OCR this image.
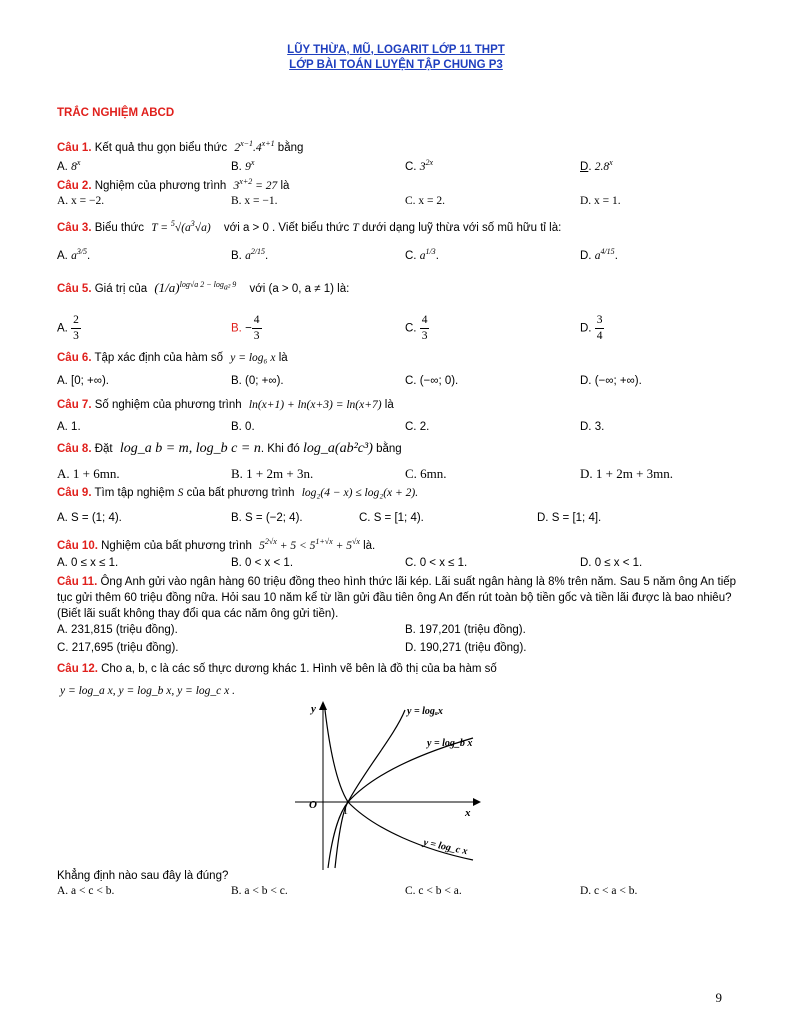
LŨY THỪA, MŨ, LOGARIT LỚP 11 THPT
LỚP BÀI TOÁN LUYỆN TẬP CHUNG P3
TRẮC NGHIỆM ABCD
Câu 1. Kết quả thu gọn biểu thức $2^{x-1}.4^{x+1}$ bằng
A. 8$^x$	B. 9$^x$	C. $3^{2x}$	D. 2.8$^x$
Câu 2. Nghiệm của phương trình $3^{x+2} = 27$ là
A. x = −2.	B. x = −1.	C. x = 2.	D. x = 1.
Câu 3. Biểu thức $T = ^5√(a^3√a)$ với a > 0 . Viết biểu thức T dưới dạng luỹ thừa với số mũ hữu tỉ là:
A. $a^{3/5}$.	B. $a^{2/15}$.	C. $a^{1/3}$.	D. $a^{4/15}$.
Câu 5. Giá trị của $(1/a)^{log√a 2 - log_{a^2} 9}$ với (a > 0, a ≠ 1) là:
A. $\frac{2}{3}$	B. − $\frac{4}{3}$	C. $\frac{4}{3}$	D. $\frac{3}{4}$
Câu 6. Tập xác định của hàm số y = log₆ x là
A. [0; +∞).	B. (0; +∞).	C. (−∞; 0).	D. (−∞; +∞).
Câu 7. Số nghiệm của phương trình ln(x+1) + ln(x+3) = ln(x+7) là
A. 1.	B. 0.	C. 2.	D. 3.
Câu 8. Đặt log_a b = m, log_b c = n. Khi đó log_a(ab²c³) bằng
A. 1 + 6mn.	B. 1 + 2m + 3n.	C. 6mn.	D. 1 + 2m + 3mn.
Câu 9. Tìm tập nghiệm S của bất phương trình log₂(4 − x) ≤ log₂(x + 2).
A. S = (1; 4).	B. S = (−2; 4).	C. S = [1; 4).	D. S = [1; 4].
Câu 10. Nghiệm của bất phương trình $5^{2√x} + 5 < 5^{1+√x} + 5^{√x}$ là.
A. 0 ≤ x ≤ 1.	B. 0 < x < 1.	C. 0 < x ≤ 1.	D. 0 ≤ x < 1.
Câu 11. Ông Anh gửi vào ngân hàng 60 triệu đồng theo hình thức lãi kép. Lãi suất ngân hàng là 8% trên năm. Sau 5 năm ông An tiếp tục gửi thêm 60 triệu đồng nữa. Hỏi sau 10 năm kể từ lần gửi đầu tiên ông An đến rút toàn bộ tiền gốc và tiền lãi được là bao nhiêu? (Biết lãi suất không thay đổi qua các năm ông gửi tiền).
A. 231,815 (triệu đồng).	B. 197,201 (triệu đồng).
C. 217,695 (triệu đồng).	D. 190,271 (triệu đồng).
Câu 12. Cho a, b, c là các số thực dương khác 1. Hình vẽ bên là đồ thị của ba hàm số
y = log_a x, y = log_b x, y = log_c x .
y
x
O
1
y = logₐx
y = log_b x
y = log_c x
Khẳng định nào sau đây là đúng?
A. a < c < b.	B. a < b < c.	C. c < b < a.	D. c < a < b.
9
